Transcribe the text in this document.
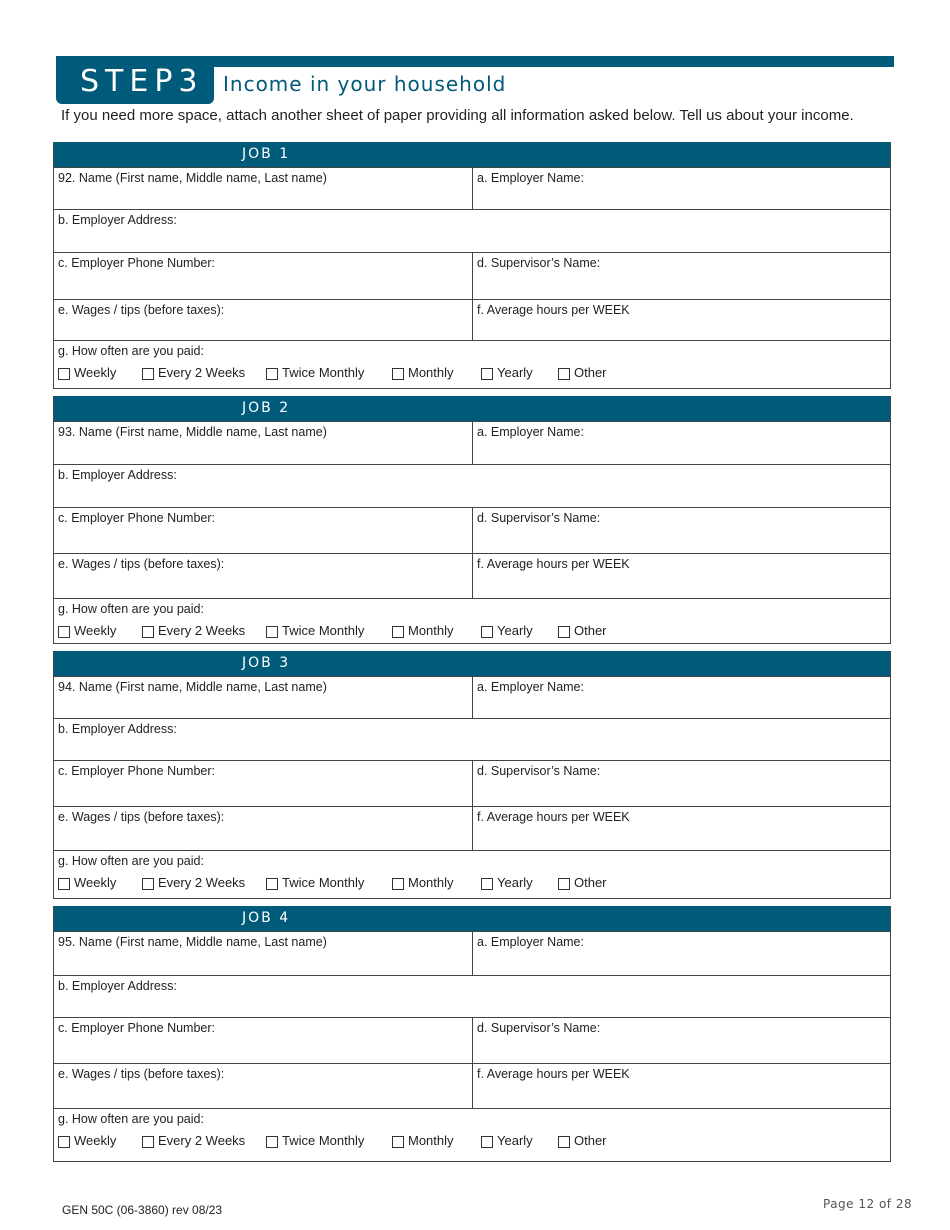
STEP3 Income in your household
If you need more space, attach another sheet of paper providing all information asked below. Tell us about your income.
JOB 1
92. Name (First name, Middle name, Last name)	a. Employer Name:
b. Employer Address:
c. Employer Phone Number:	d. Supervisor’s Name:
e. Wages / tips (before taxes):	f. Average hours per WEEK
g. How often are you paid:
Weekly	Every 2 Weeks	Twice Monthly	Monthly	Yearly	Other
JOB 2
93. Name (First name, Middle name, Last name)	a. Employer Name:
b. Employer Address:
c. Employer Phone Number:	d. Supervisor’s Name:
e. Wages / tips (before taxes):	f. Average hours per WEEK
g. How often are you paid:
Weekly	Every 2 Weeks	Twice Monthly	Monthly	Yearly	Other
JOB 3
94. Name (First name, Middle name, Last name)	a. Employer Name:
b. Employer Address:
c. Employer Phone Number:	d. Supervisor’s Name:
e. Wages / tips (before taxes):	f. Average hours per WEEK
g. How often are you paid:
Weekly	Every 2 Weeks	Twice Monthly	Monthly	Yearly	Other
JOB 4
95. Name (First name, Middle name, Last name)	a. Employer Name:
b. Employer Address:
c. Employer Phone Number:	d. Supervisor’s Name:
e. Wages / tips (before taxes):	f. Average hours per WEEK
g. How often are you paid:
Weekly	Every 2 Weeks	Twice Monthly	Monthly	Yearly	Other
GEN 50C (06-3860) rev 08/23	Page 12 of 28
